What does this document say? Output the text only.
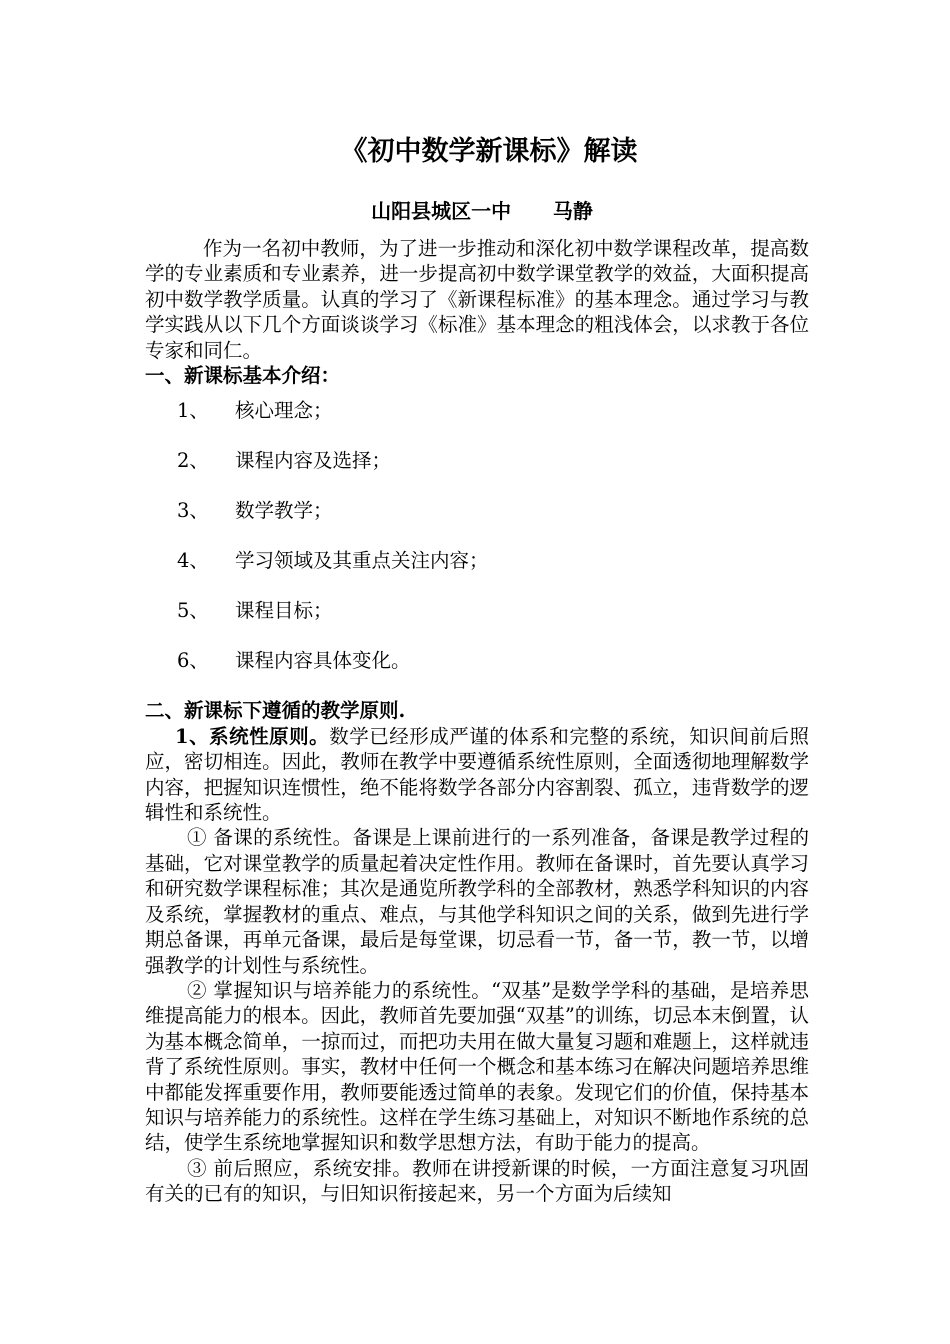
《初中数学新课标》解读
山阳县城区一中      马静

作为一名初中教师，为了进一步推动和深化初中数学课程改革，提高数学的专业素质和专业素养，进一步提高初中数学课堂教学的效益，大面积提高初中数学教学质量。认真的学习了《新课程标准》的基本理念。通过学习与教学实践从以下几个方面谈谈学习《标准》基本理念的粗浅体会，以求教于各位专家和同仁。

一、新课标基本介绍：
1、 核心理念；
2、 课程内容及选择；
3、 数学教学；
4、 学习领域及其重点关注内容；
5、 课程目标；
6、 课程内容具体变化。
二、新课标下遵循的教学原则.

1、系统性原则。数学已经形成严谨的体系和完整的系统，知识间前后照应，密切相连。因此，教师在教学中要遵循系统性原则，全面透彻地理解数学内容，把握知识连惯性，绝不能将数学各部分内容割裂、孤立，违背数学的逻辑性和系统性。

① 备课的系统性。备课是上课前进行的一系列准备，备课是教学过程的基础，它对课堂教学的质量起着决定性作用。教师在备课时，首先要认真学习和研究数学课程标准；其次是通览所教学科的全部教材，熟悉学科知识的内容及系统，掌握教材的重点、难点，与其他学科知识之间的关系，做到先进行学期总备课，再单元备课，最后是每堂课，切忌看一节，备一节，教一节，以增强教学的计划性与系统性。

② 掌握知识与培养能力的系统性。“双基”是数学学科的基础，是培养思维提高能力的根本。因此，教师首先要加强“双基”的训练，切忌本末倒置，认为基本概念简单，一掠而过，而把功夫用在做大量复习题和难题上，这样就违背了系统性原则。事实，教材中任何一个概念和基本练习在解决问题培养思维中都能发挥重要作用，教师要能透过简单的表象。发现它们的价值，保持基本知识与培养能力的系统性。这样在学生练习基础上，对知识不断地作系统的总结，使学生系统地掌握知识和数学思想方法，有助于能力的提高。

③ 前后照应，系统安排。教师在讲授新课的时候，一方面注意复习巩固有关的已有的知识，与旧知识衔接起来，另一个方面为后续知
